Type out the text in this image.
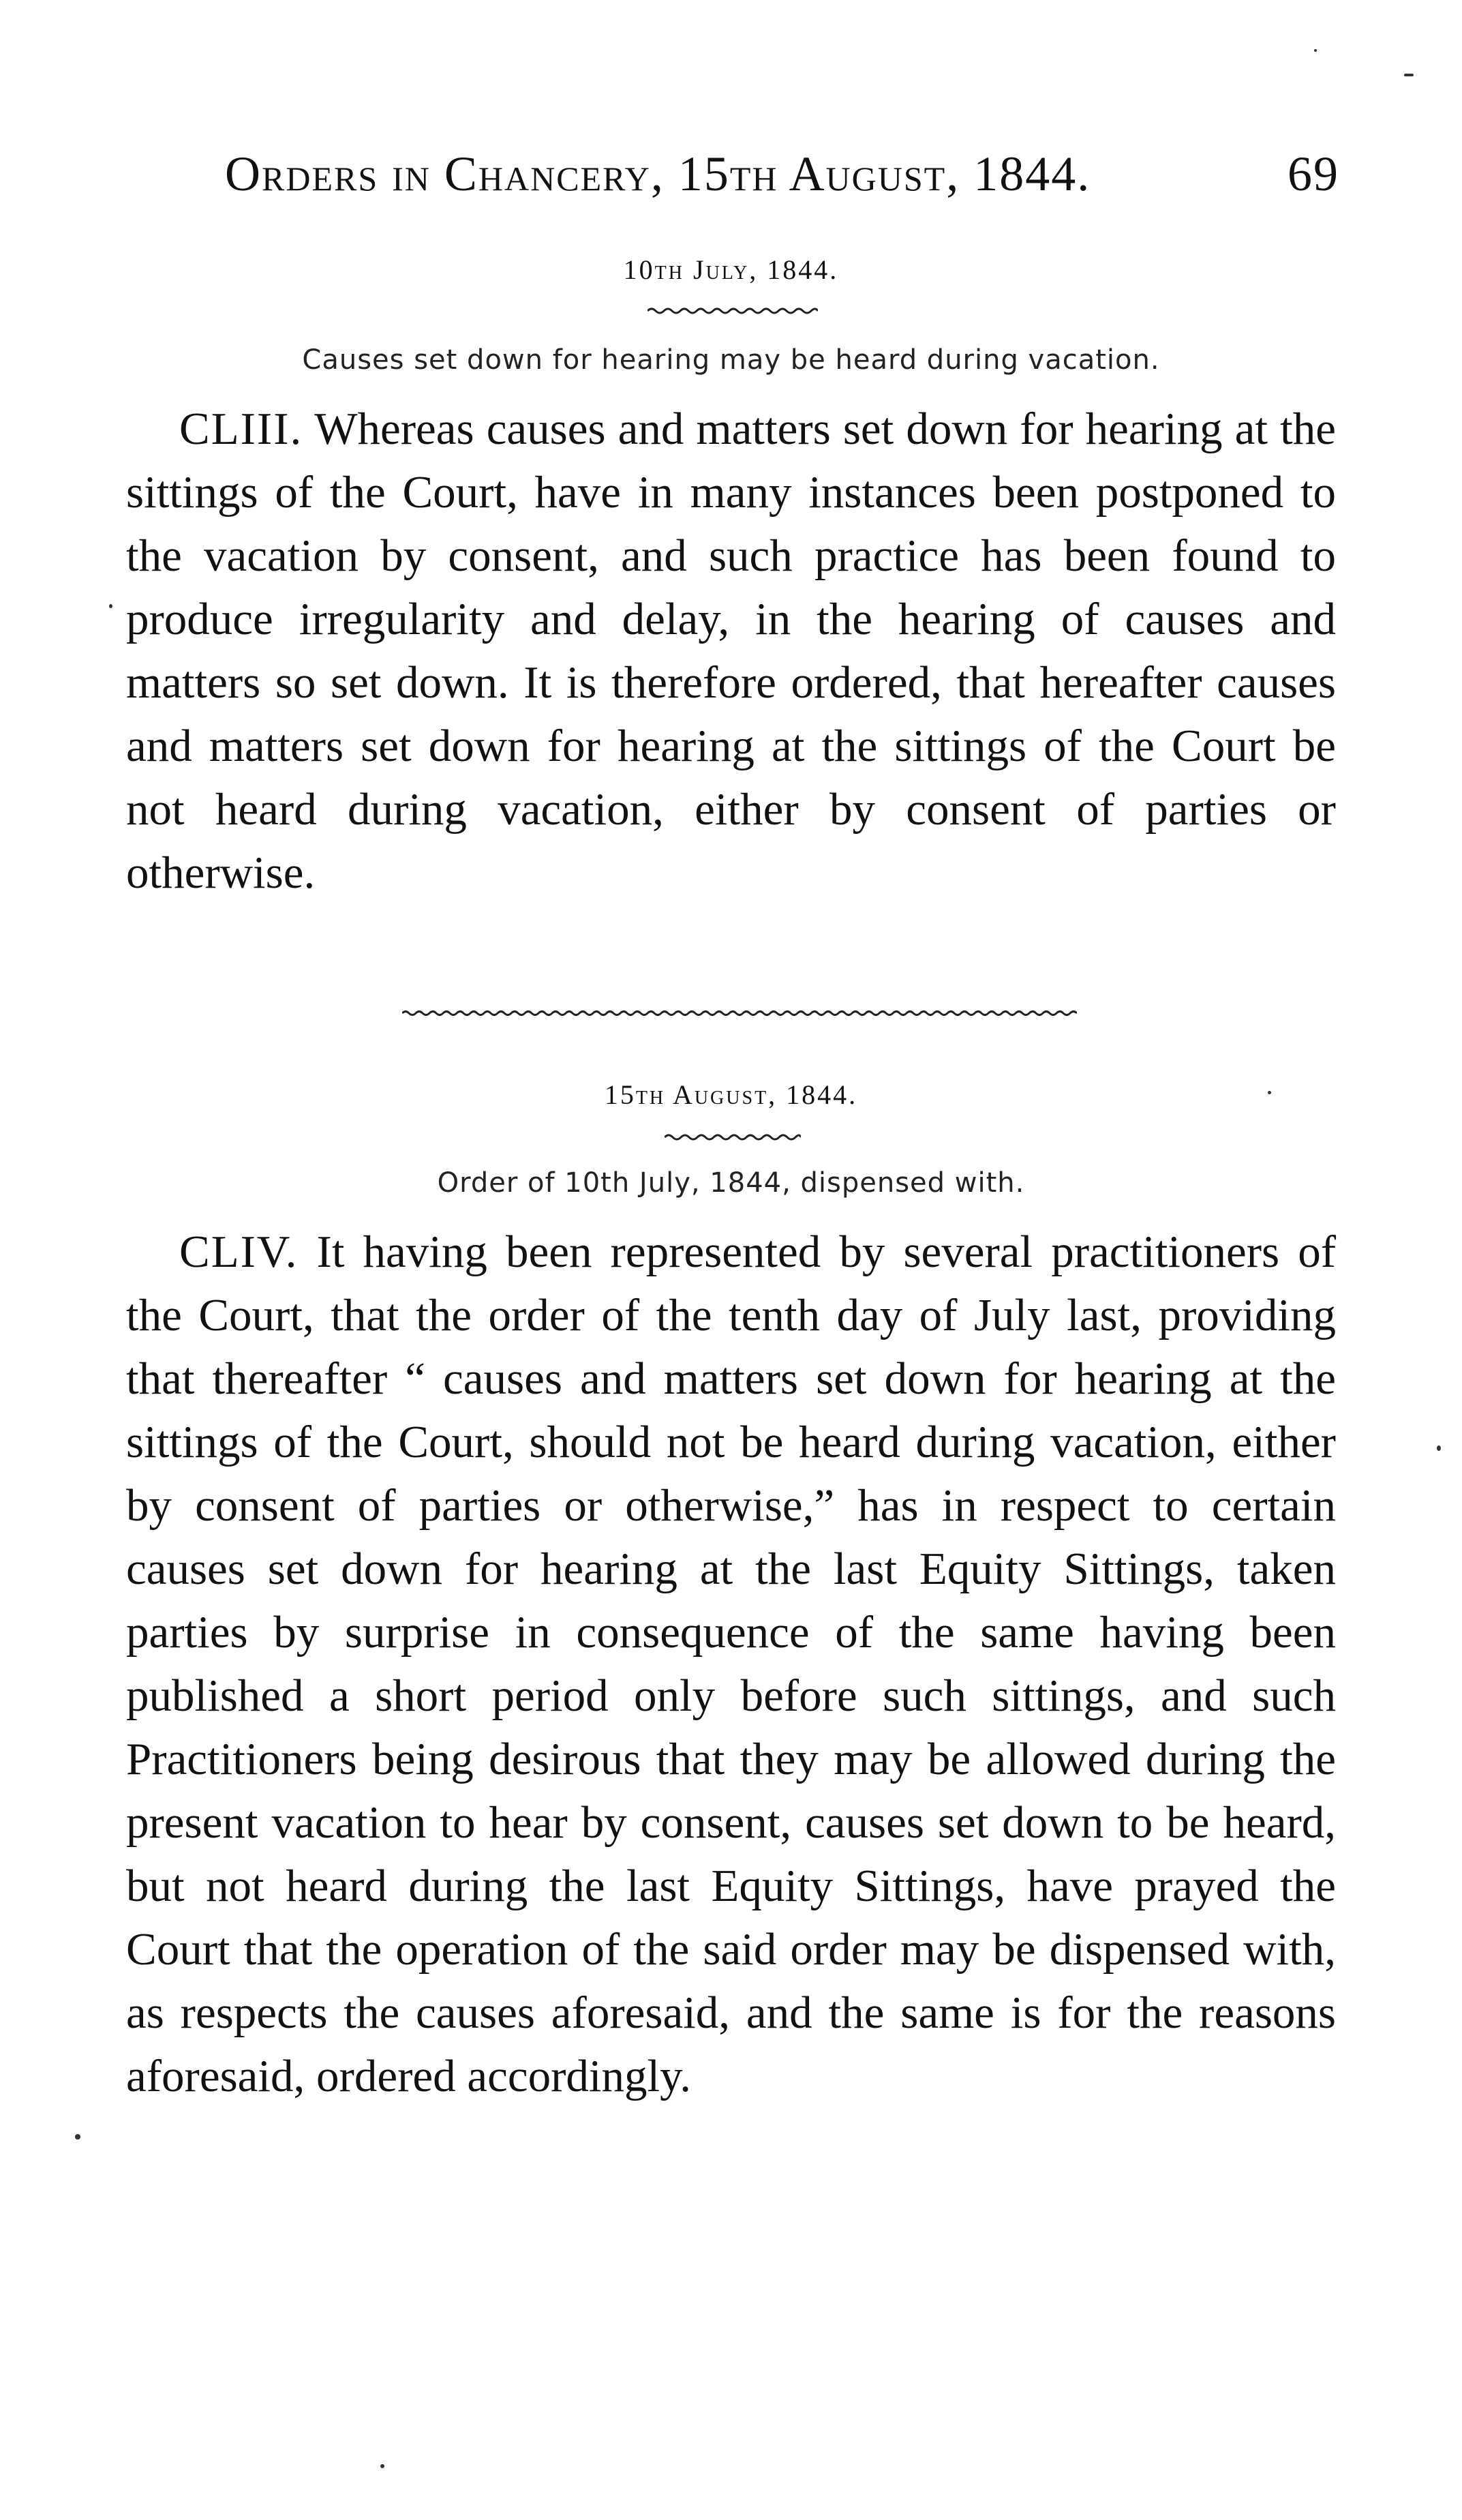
Orders in Chancery, 15th August, 1844.	69
10th July, 1844.
Causes set down for hearing may be heard during vacation.

CLIII. Whereas causes and matters set down for hearing at the sittings of the Court, have in many instances been postponed to the vacation by consent, and such practice has been found to produce irregularity and delay, in the hearing of causes and matters so set down. It is therefore ordered, that hereafter causes and matters set down for hearing at the sittings of the Court be not heard during vacation, either by consent of parties or otherwise.

15th August, 1844.
Order of 10th July, 1844, dispensed with.

CLIV. It having been represented by several practitioners of the Court, that the order of the tenth day of July last, providing that thereafter “ causes and matters set down for hearing at the sittings of the Court, should not be heard during vacation, either by consent of parties or otherwise,” has in respect to certain causes set down for hearing at the last Equity Sittings, taken parties by surprise in consequence of the same having been published a short period only before such sittings, and such Practitioners being desirous that they may be allowed during the present vacation to hear by consent, causes set down to be heard, but not heard during the last Equity Sittings, have prayed the Court that the operation of the said order may be dispensed with, as respects the causes aforesaid, and the same is for the reasons aforesaid, ordered accordingly.
